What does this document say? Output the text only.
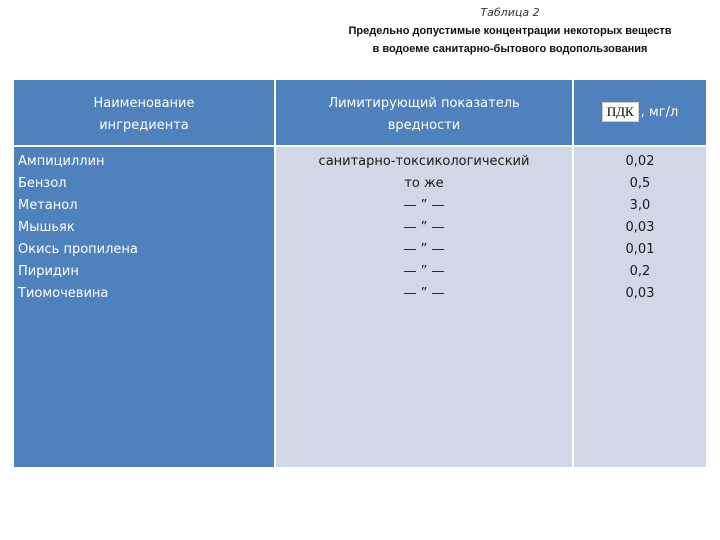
Таблица 2
Предельно допустимые концентрации некоторых веществ
в водоеме санитарно-бытового водопользования
Наименование
ингредиента
Лимитирующий показатель
вредности
ПДК , мг/л
Ампициллин
Бензол
Метанол
Мышьяк
Окись пропилена
Пиридин
Тиомочевина
санитарно-токсикологический
то же
— ” —
— ” —
— ” —
— ” —
— ” —
0,02
0,5
3,0
0,03
0,01
0,2
0,03
